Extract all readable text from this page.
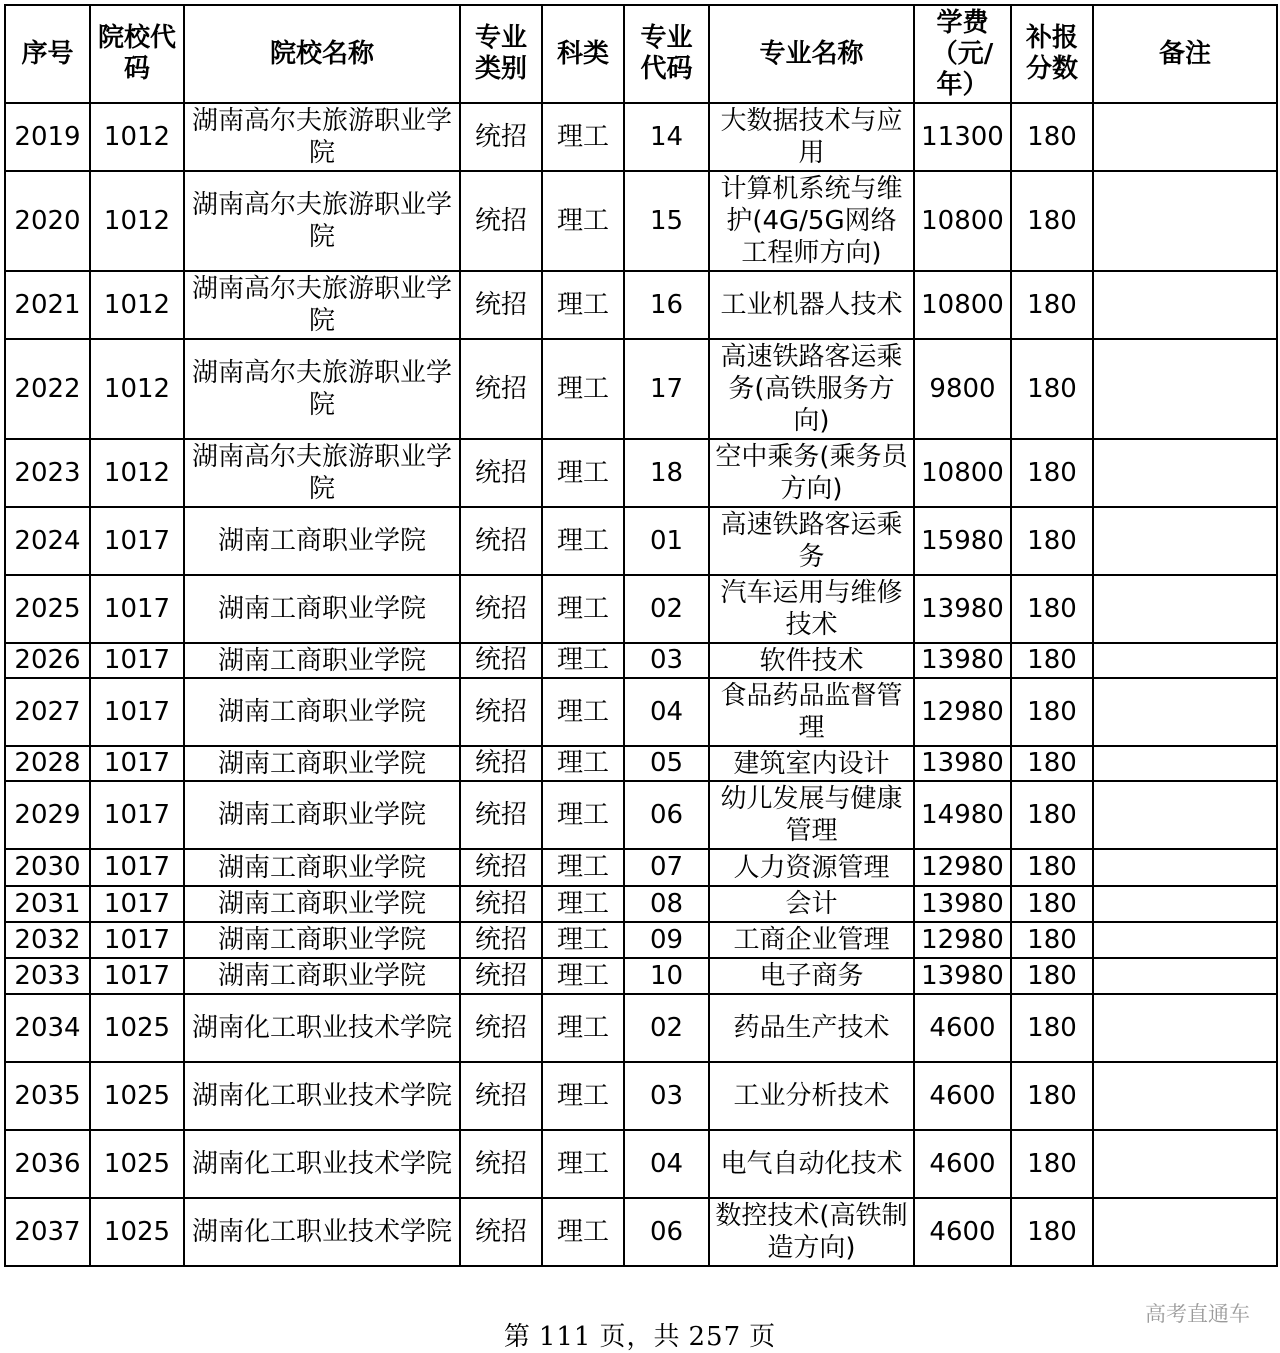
序号	院校代码	院校名称	专业类别	科类	专业代码	专业名称	学费（元/年）	补报分数	备注
2019	1012	湖南高尔夫旅游职业学院	统招	理工	14	大数据技术与应用	11300	180	
2020	1012	湖南高尔夫旅游职业学院	统招	理工	15	计算机系统与维护(4G/5G网络工程师方向)	10800	180	
2021	1012	湖南高尔夫旅游职业学院	统招	理工	16	工业机器人技术	10800	180	
2022	1012	湖南高尔夫旅游职业学院	统招	理工	17	高速铁路客运乘务(高铁服务方向)	9800	180	
2023	1012	湖南高尔夫旅游职业学院	统招	理工	18	空中乘务(乘务员方向)	10800	180	
2024	1017	湖南工商职业学院	统招	理工	01	高速铁路客运乘务	15980	180	
2025	1017	湖南工商职业学院	统招	理工	02	汽车运用与维修技术	13980	180	
2026	1017	湖南工商职业学院	统招	理工	03	软件技术	13980	180	
2027	1017	湖南工商职业学院	统招	理工	04	食品药品监督管理	12980	180	
2028	1017	湖南工商职业学院	统招	理工	05	建筑室内设计	13980	180	
2029	1017	湖南工商职业学院	统招	理工	06	幼儿发展与健康管理	14980	180	
2030	1017	湖南工商职业学院	统招	理工	07	人力资源管理	12980	180	
2031	1017	湖南工商职业学院	统招	理工	08	会计	13980	180	
2032	1017	湖南工商职业学院	统招	理工	09	工商企业管理	12980	180	
2033	1017	湖南工商职业学院	统招	理工	10	电子商务	13980	180	
2034	1025	湖南化工职业技术学院	统招	理工	02	药品生产技术	4600	180	
2035	1025	湖南化工职业技术学院	统招	理工	03	工业分析技术	4600	180	
2036	1025	湖南化工职业技术学院	统招	理工	04	电气自动化技术	4600	180	
2037	1025	湖南化工职业技术学院	统招	理工	06	数控技术(高铁制造方向)	4600	180	
第 111 页，共 257 页
高考直通车
